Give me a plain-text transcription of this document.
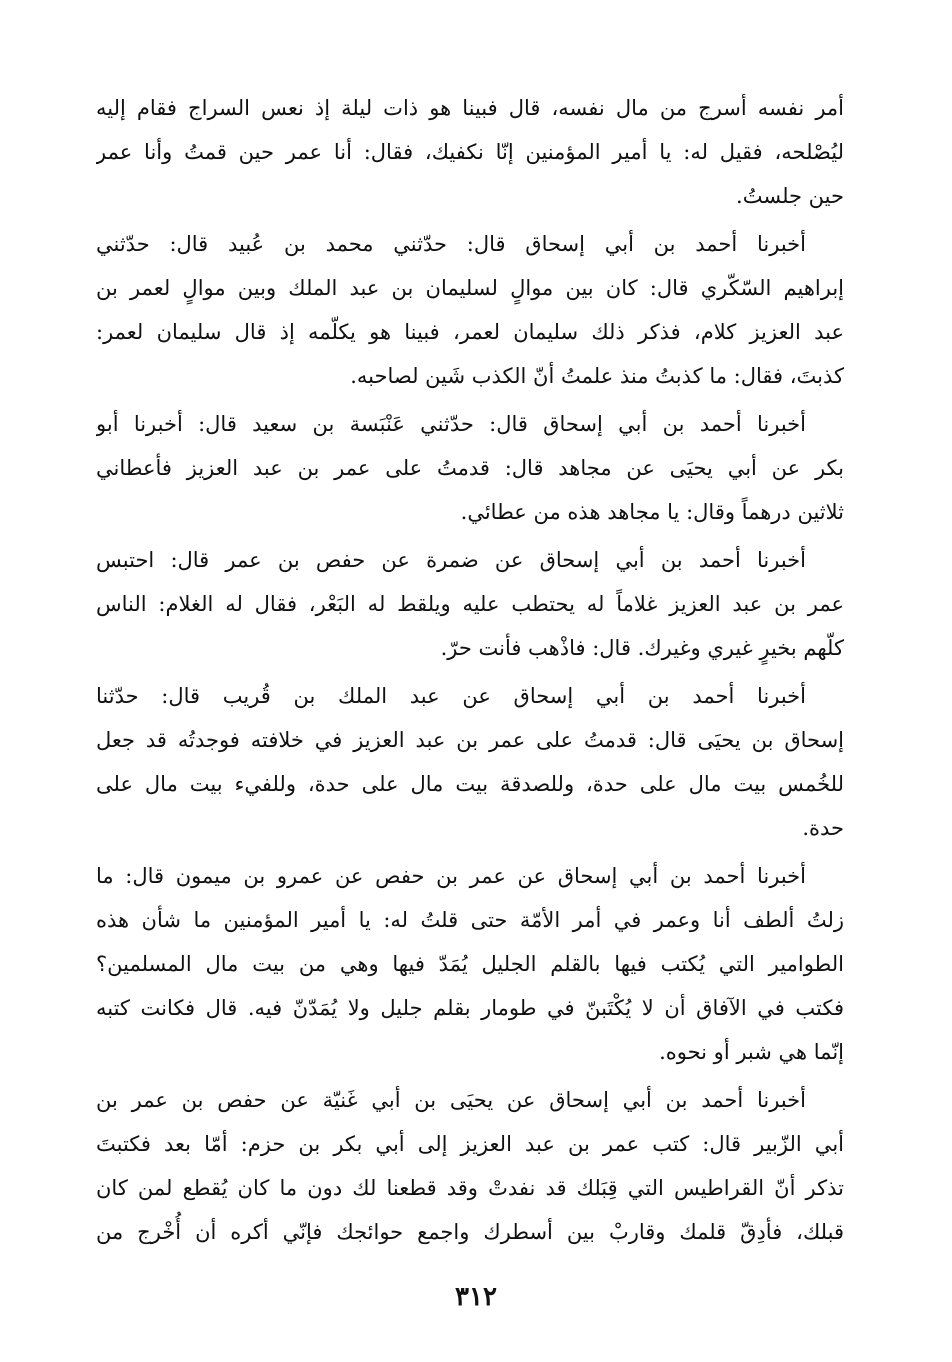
أمر نفسه أسرج من مال نفسه، قال فبينا هو ذات ليلة إذ نعس السراج فقام إليه
ليُصْلحه، فقيل له: يا أمير المؤمنين إنّا نكفيك، فقال: أنا عمر حين قمتُ وأنا عمر
حين جلستُ.
أخبرنا أحمد بن أبي إسحاق قال: حدّثني محمد بن عُبيد قال: حدّثني
إبراهيم السّكّري قال: كان بين موالٍ لسليمان بن عبد الملك وبين موالٍ لعمر بن
عبد العزيز كلام، فذكر ذلك سليمان لعمر، فبينا هو يكلّمه إذ قال سليمان لعمر:
كذبتَ، فقال: ما كذبتُ منذ علمتُ أنّ الكذب شَين لصاحبه.
أخبرنا أحمد بن أبي إسحاق قال: حدّثني عَنْبَسة بن سعيد قال: أخبرنا أبو
بكر عن أبي يحيَى عن مجاهد قال: قدمتُ على عمر بن عبد العزيز فأعطاني
ثلاثين درهماً وقال: يا مجاهد هذه من عطائي.
أخبرنا أحمد بن أبي إسحاق عن ضمرة عن حفص بن عمر قال: احتبس
عمر بن عبد العزيز غلاماً له يحتطب عليه ويلقط له البَعْر، فقال له الغلام: الناس
كلّهم بخيرٍ غيري وغيرك. قال: فاذْهب فأنت حرّ.
أخبرنا أحمد بن أبي إسحاق عن عبد الملك بن قُريب قال: حدّثنا
إسحاق بن يحيَى قال: قدمتُ على عمر بن عبد العزيز في خلافته فوجدتُه قد جعل
للخُمس بيت مال على حدة، وللصدقة بيت مال على حدة، وللفيء بيت مال على
حدة.
أخبرنا أحمد بن أبي إسحاق عن عمر بن حفص عن عمرو بن ميمون قال: ما
زلتُ ألطف أنا وعمر في أمر الأمّة حتى قلتُ له: يا أمير المؤمنين ما شأن هذه
الطوامير التي يُكتب فيها بالقلم الجليل يُمَدّ فيها وهي من بيت مال المسلمين؟
فكتب في الآفاق أن لا يُكْتَبنّ في طومار بقلم جليل ولا يُمَدّنّ فيه. قال فكانت كتبه
إنّما هي شبر أو نحوه.
أخبرنا أحمد بن أبي إسحاق عن يحيَى بن أبي غَنيّة عن حفص بن عمر بن
أبي الزّبير قال: كتب عمر بن عبد العزيز إلى أبي بكر بن حزم: أمّا بعد فكتبتَ
تذكر أنّ القراطيس التي قِبَلك قد نفدتْ وقد قطعنا لك دون ما كان يُقطع لمن كان
قبلك، فأدِقّ قلمك وقاربْ بين أسطرك واجمع حوائجك فإنّي أكره أن أُخْرج من
٣١٢
